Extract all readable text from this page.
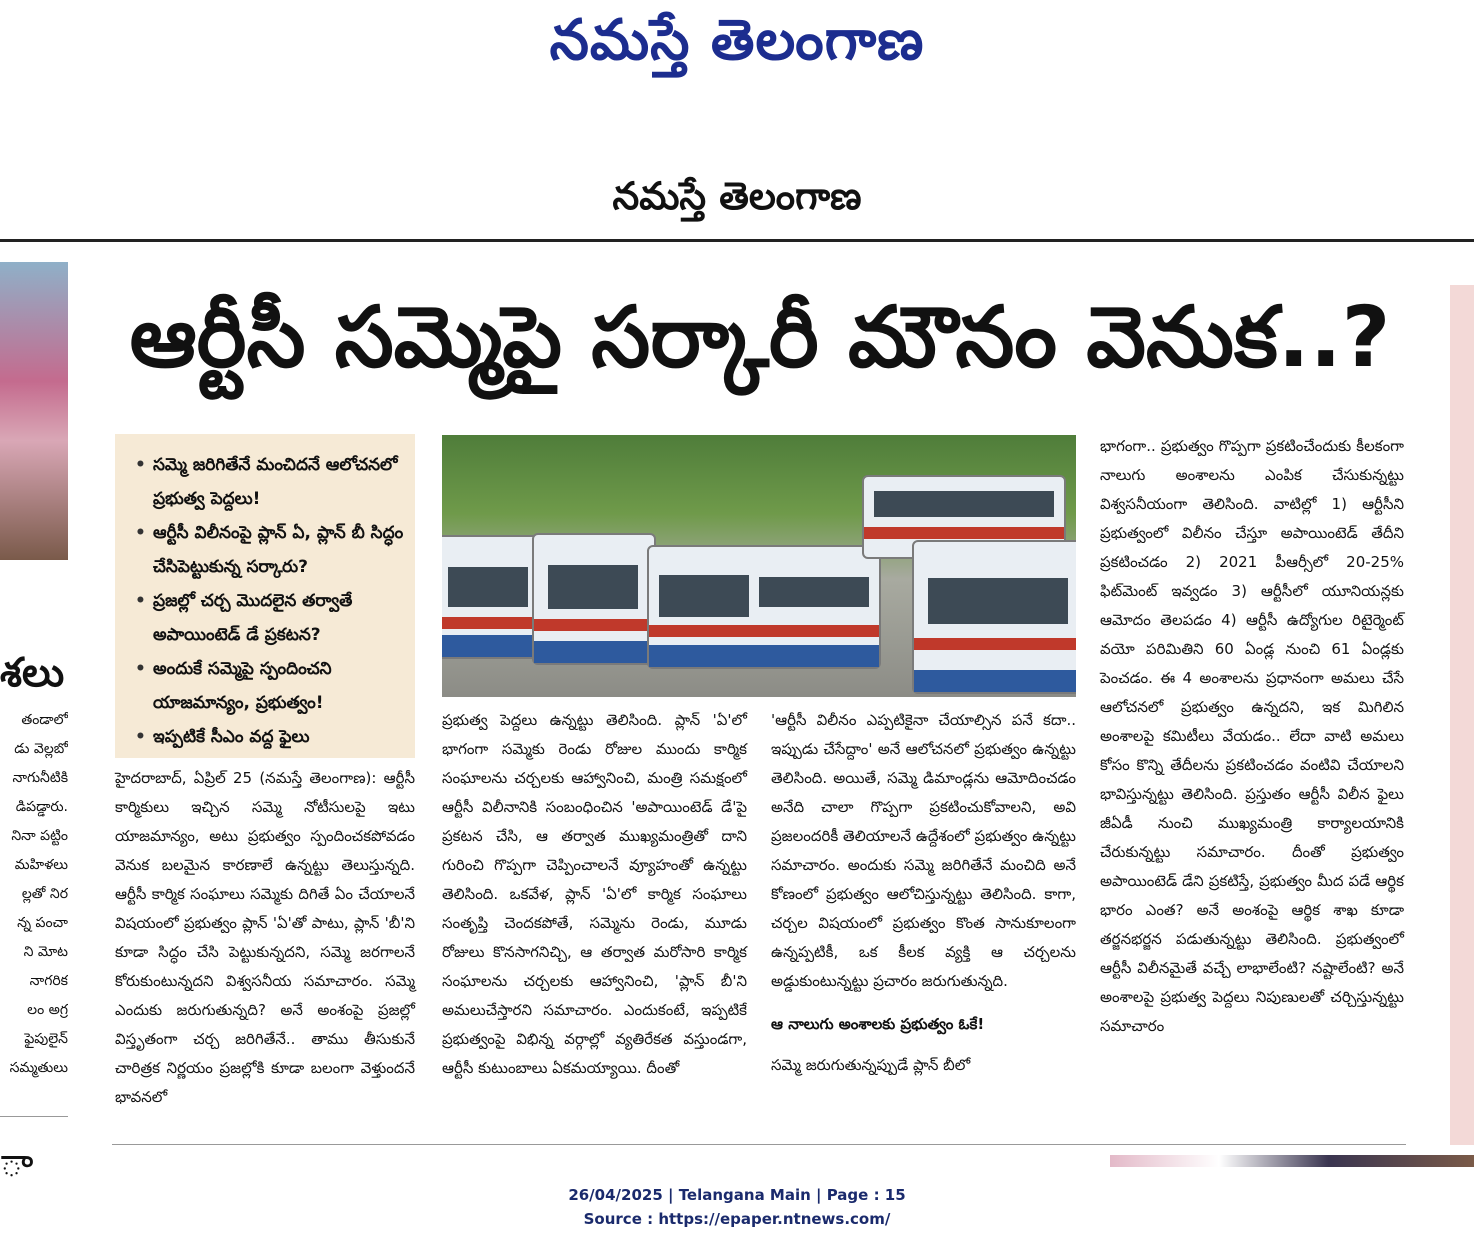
నమస్తే తెలంగాణ
నమస్తే తెలంగాణ
శలు
తండాలో
డు వెల్లబో
నాగునీటికి
డిపడ్డారు.
నినా పట్టిం
మహిళలు
ల్లతో నిర
న్న పంచా
ని మోట
నాగరిక
లం అగ్ర
ఫైపులైన్
సమ్మతులు
ా
ఆర్టీసీ సమ్మెపై సర్కారీ మౌనం వెనుక..?
• సమ్మె జరిగితేనే మంచిదనే ఆలోచనలో ప్రభుత్వ పెద్దలు!
• ఆర్టీసీ విలీనంపై ప్లాన్ ఏ, ప్లాన్ బీ సిద్ధం చేసిపెట్టుకున్న సర్కారు?
• ప్రజల్లో చర్చ మొదలైన తర్వాతే అపాయింటెడ్ డే ప్రకటన?
• అందుకే సమ్మెపై స్పందించని యాజమాన్యం, ప్రభుత్వం!
• ఇప్పటికే సీఎం వద్ద ఫైలు

హైదరాబాద్, ఏప్రిల్ 25 (నమస్తే తెలంగాణ): ఆర్టీసీ కార్మికులు ఇచ్చిన సమ్మె నోటీసులపై ఇటు యాజమాన్యం, అటు ప్రభుత్వం స్పందించకపోవడం వెనుక బలమైన కారణాలే ఉన్నట్టు తెలుస్తున్నది. ఆర్టీసీ కార్మిక సంఘాలు సమ్మెకు దిగితే ఏం చేయాలనే విషయంలో ప్రభుత్వం ప్లాన్ 'ఏ'తో పాటు, ప్లాన్ 'బీ'ని కూడా సిద్ధం చేసి పెట్టుకున్నదని, సమ్మె జరగాలనే కోరుకుంటున్నదని విశ్వసనీయ సమాచారం. సమ్మె ఎందుకు జరుగుతున్నది? అనే అంశంపై ప్రజల్లో విస్తృతంగా చర్చ జరిగితేనే.. తాము తీసుకునే చారిత్రక నిర్ణయం ప్రజల్లోకి కూడా బలంగా వెళ్తుందనే భావనలో

ప్రభుత్వ పెద్దలు ఉన్నట్టు తెలిసింది. ప్లాన్ 'ఏ'లో భాగంగా సమ్మెకు రెండు రోజుల ముందు కార్మిక సంఘాలను చర్చలకు ఆహ్వానించి, మంత్రి సమక్షంలో ఆర్టీసీ విలీనానికి సంబంధించిన 'అపాయింటెడ్ డే'పై ప్రకటన చేసి, ఆ తర్వాత ముఖ్యమంత్రితో దాని గురించి గొప్పగా చెప్పించాలనే వ్యూహంతో ఉన్నట్టు తెలిసింది. ఒకవేళ, ప్లాన్ 'ఏ'లో కార్మిక సంఘాలు సంతృప్తి చెందకపోతే, సమ్మెను రెండు, మూడు రోజులు కొనసాగనిచ్చి, ఆ తర్వాత మరోసారి కార్మిక సంఘాలను చర్చలకు ఆహ్వానించి, 'ప్లాన్ బీ'ని అమలుచేస్తారని సమాచారం. ఎందుకంటే, ఇప్పటికే ప్రభుత్వంపై విభిన్న వర్గాల్లో వ్యతిరేకత వస్తుండగా, ఆర్టీసీ కుటుంబాలు ఏకమయ్యాయి. దీంతో

'ఆర్టీసీ విలీనం ఎప్పటికైనా చేయాల్సిన పనే కదా.. ఇప్పుడు చేసేద్దాం' అనే ఆలోచనలో ప్రభుత్వం ఉన్నట్టు తెలిసింది. అయితే, సమ్మె డిమాండ్లను ఆమోదించడం అనేది చాలా గొప్పగా ప్రకటించుకోవాలని, అవి ప్రజలందరికీ తెలియాలనే ఉద్దేశంలో ప్రభుత్వం ఉన్నట్టు సమాచారం. అందుకు సమ్మె జరిగితేనే మంచిది అనే కోణంలో ప్రభుత్వం ఆలోచిస్తున్నట్టు తెలిసింది. కాగా, చర్చల విషయంలో ప్రభుత్వం కొంత సానుకూలంగా ఉన్నప్పటికీ, ఒక కీలక వ్యక్తి ఆ చర్చలను అడ్డుకుంటున్నట్టు ప్రచారం జరుగుతున్నది.

ఆ నాలుగు అంశాలకు ప్రభుత్వం ఓకే!

సమ్మె జరుగుతున్నప్పుడే ప్లాన్ బీలో

భాగంగా.. ప్రభుత్వం గొప్పగా ప్రకటించేందుకు కీలకంగా నాలుగు అంశాలను ఎంపిక చేసుకున్నట్టు విశ్వసనీయంగా తెలిసింది. వాటిల్లో 1) ఆర్టీసీని ప్రభుత్వంలో విలీనం చేస్తూ అపాయింటెడ్ తేదీని ప్రకటించడం 2) 2021 పీఆర్సీలో 20-25% ఫిట్‌మెంట్ ఇవ్వడం 3) ఆర్టీసీలో యూనియన్లకు ఆమోదం తెలపడం 4) ఆర్టీసీ ఉద్యోగుల రిటైర్మెంట్ వయో పరిమితిని 60 ఏండ్ల నుంచి 61 ఏండ్లకు పెంచడం. ఈ 4 అంశాలను ప్రధానంగా అమలు చేసే ఆలోచనలో ప్రభుత్వం ఉన్నదని, ఇక మిగిలిన అంశాలపై కమిటీలు వేయడం.. లేదా వాటి అమలు కోసం కొన్ని తేదీలను ప్రకటించడం వంటివి చేయాలని భావిస్తున్నట్టు తెలిసింది. ప్రస్తుతం ఆర్టీసీ విలీన ఫైలు జీఏడీ నుంచి ముఖ్యమంత్రి కార్యాలయానికి చేరుకున్నట్టు సమాచారం. దీంతో ప్రభుత్వం అపాయింటెడ్ డేని ప్రకటిస్తే, ప్రభుత్వం మీద పడే ఆర్థిక భారం ఎంత? అనే అంశంపై ఆర్థిక శాఖ కూడా తర్జనభర్జన పడుతున్నట్టు తెలిసింది. ప్రభుత్వంలో ఆర్టీసీ విలీనమైతే వచ్చే లాభాలేంటి? నష్టాలేంటి? అనే అంశాలపై ప్రభుత్వ పెద్దలు నిపుణులతో చర్చిస్తున్నట్టు సమాచారం

26/04/2025 | Telangana Main | Page : 15
Source : https://epaper.ntnews.com/
